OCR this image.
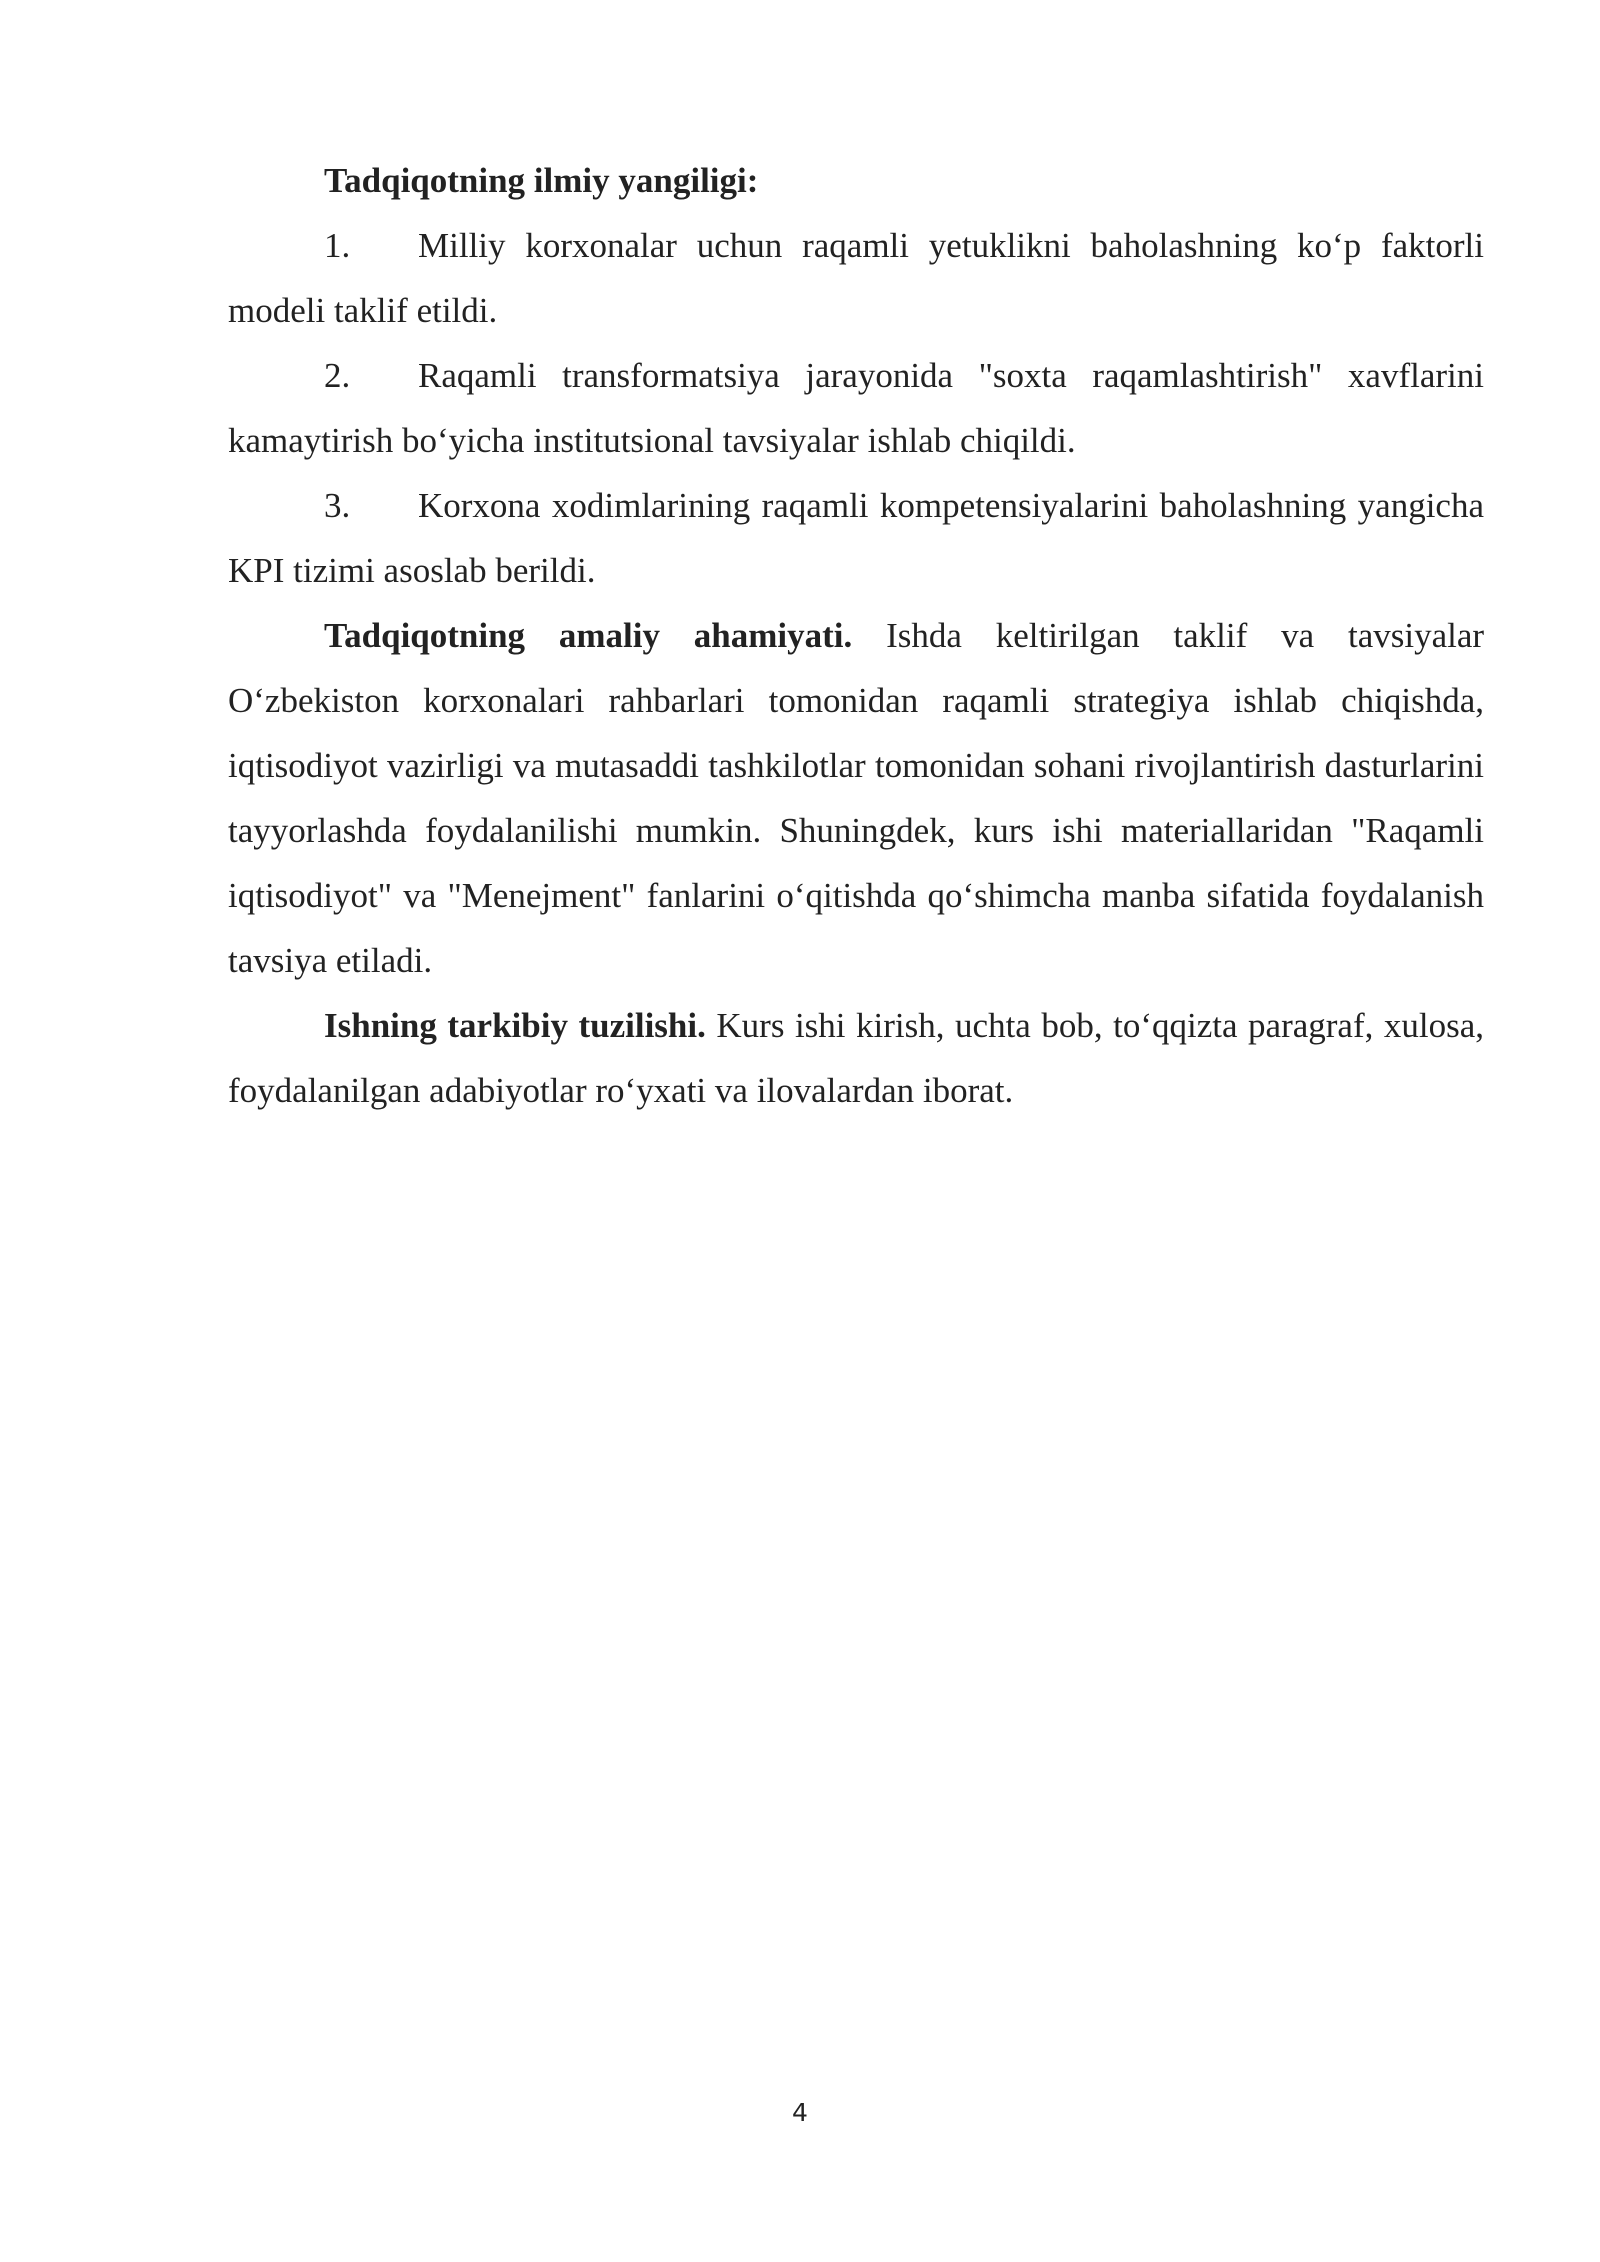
Tadqiqotning ilmiy yangiligi:

1. Milliy korxonalar uchun raqamli yetuklikni baholashning ko‘p faktorli modeli taklif etildi.

2. Raqamli transformatsiya jarayonida "soxta raqamlashtirish" xavflarini kamaytirish bo‘yicha institutsional tavsiyalar ishlab chiqildi.

3. Korxona xodimlarining raqamli kompetensiyalarini baholashning yangicha KPI tizimi asoslab berildi.

Tadqiqotning amaliy ahamiyati. Ishda keltirilgan taklif va tavsiyalar O‘zbekiston korxonalari rahbarlari tomonidan raqamli strategiya ishlab chiqishda, iqtisodiyot vazirligi va mutasaddi tashkilotlar tomonidan sohani rivojlantirish dasturlarini tayyorlashda foydalanilishi mumkin. Shuningdek, kurs ishi materiallaridan "Raqamli iqtisodiyot" va "Menejment" fanlarini o‘qitishda qo‘shimcha manba sifatida foydalanish tavsiya etiladi.

Ishning tarkibiy tuzilishi. Kurs ishi kirish, uchta bob, to‘qqizta paragraf, xulosa, foydalanilgan adabiyotlar ro‘yxati va ilovalardan iborat.

4
